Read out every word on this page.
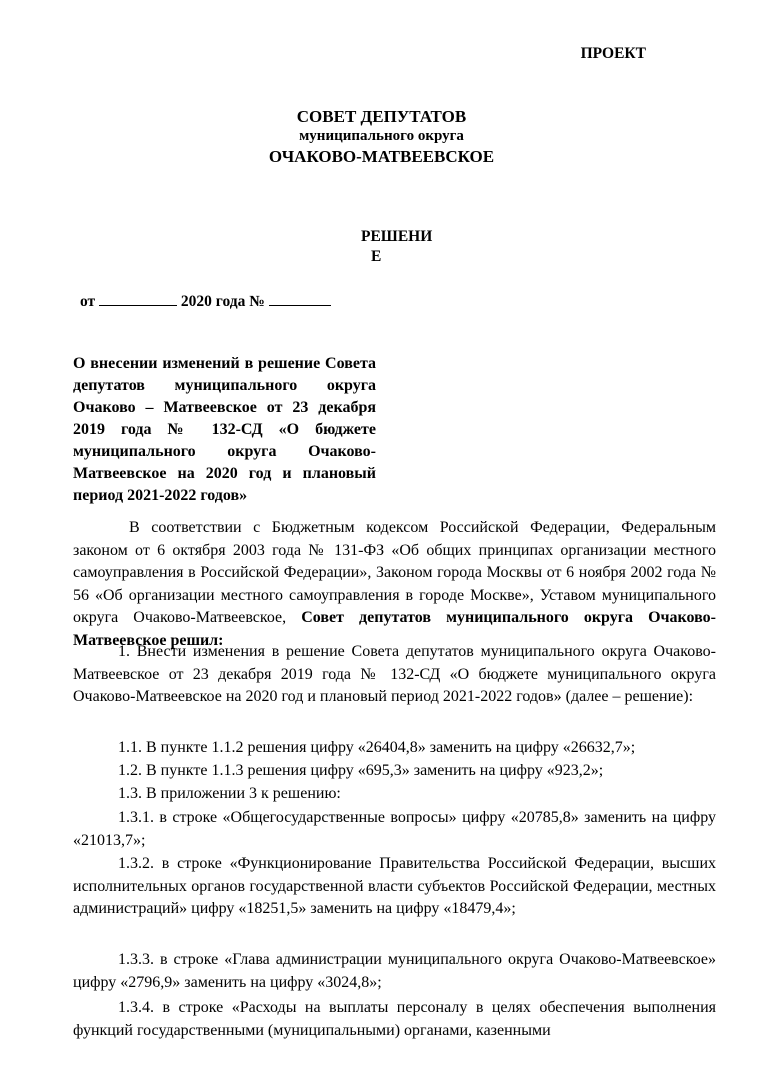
ПРОЕКТ
СОВЕТ ДЕПУТАТОВ
муниципального округа
ОЧАКОВО-МАТВЕЕВСКОЕ
РЕШЕНИ
Е
от	2020 года №
О внесении изменений в решение Совета депутатов муниципального округа Очаково – Матвеевское от 23 декабря 2019 года № 132-СД «О бюджете муниципального округа Очаково-Матвеевское на 2020 год и плановый период 2021-2022 годов»
В соответствии с Бюджетным кодексом Российской Федерации, Федеральным законом от 6 октября 2003 года № 131-ФЗ «Об общих принципах организации местного самоуправления в Российской Федерации», Законом города Москвы от 6 ноября 2002 года № 56 «Об организации местного самоуправления в городе Москве», Уставом муниципального округа Очаково-Матвеевское, Совет депутатов муниципального округа Очаково-Матвеевское решил:
1. Внести изменения в решение Совета депутатов муниципального округа Очаково-Матвеевское от 23 декабря 2019 года № 132-СД «О бюджете муниципального округа Очаково-Матвеевское на 2020 год и плановый период 2021-2022 годов» (далее – решение):
1.1. В пункте 1.1.2 решения цифру «26404,8» заменить на цифру «26632,7»;
1.2. В пункте 1.1.3 решения цифру «695,3» заменить на цифру «923,2»;
1.3. В приложении 3 к решению:
1.3.1. в строке «Общегосударственные вопросы» цифру «20785,8» заменить на цифру «21013,7»;
1.3.2. в строке «Функционирование Правительства Российской Федерации, высших исполнительных органов государственной власти субъектов Российской Федерации, местных администраций» цифру «18251,5» заменить на цифру «18479,4»;
1.3.3. в строке «Глава администрации муниципального округа Очаково-Матвеевское» цифру «2796,9» заменить на цифру «3024,8»;
1.3.4. в строке «Расходы на выплаты персоналу в целях обеспечения выполнения функций государственными (муниципальными) органами, казенными
